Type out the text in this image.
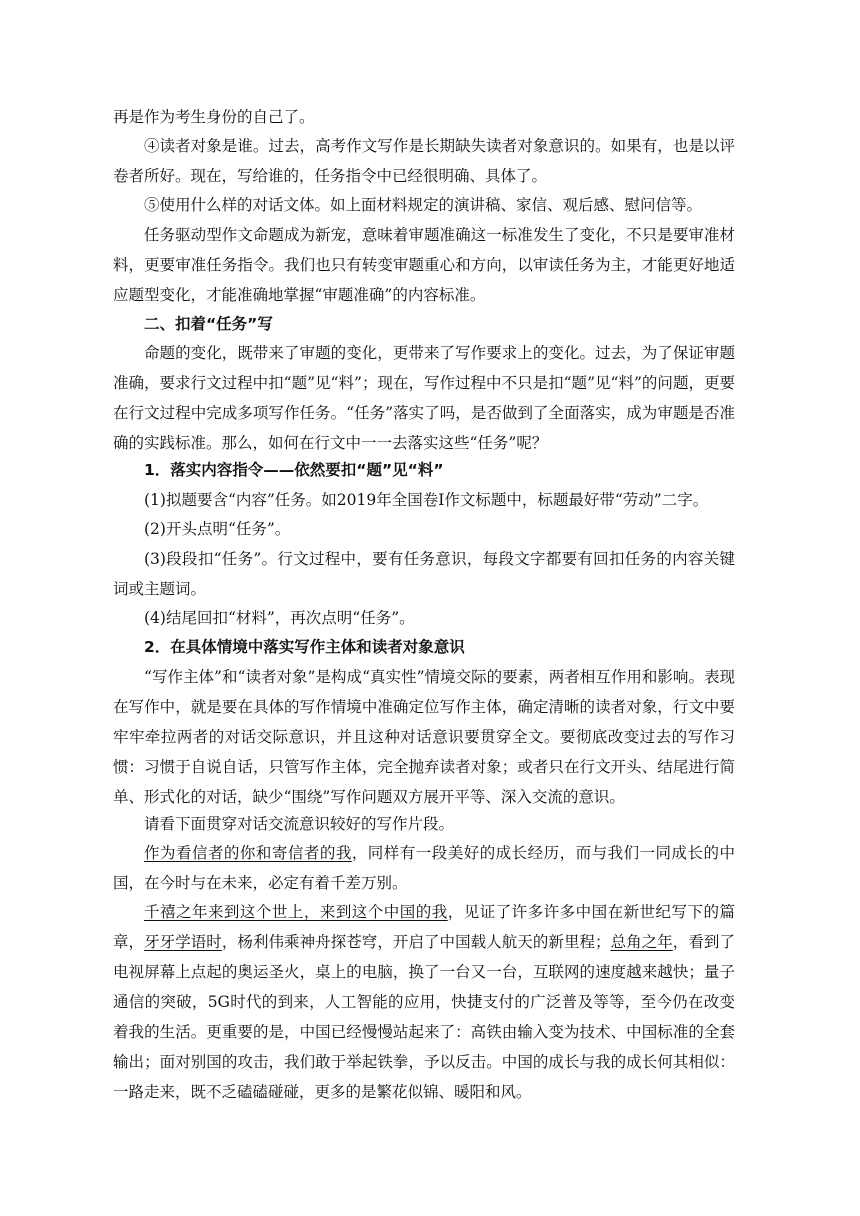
再是作为考生身份的自己了。

④读者对象是谁。过去，高考作文写作是长期缺失读者对象意识的。如果有，也是以评卷者所好。现在，写给谁的，任务指令中已经很明确、具体了。

⑤使用什么样的对话文体。如上面材料规定的演讲稿、家信、观后感、慰问信等。

任务驱动型作文命题成为新宠，意味着审题准确这一标准发生了变化，不只是要审准材料，更要审准任务指令。我们也只有转变审题重心和方向，以审读任务为主，才能更好地适应题型变化，才能准确地掌握“审题准确”的内容标准。

二、扣着“任务”写

命题的变化，既带来了审题的变化，更带来了写作要求上的变化。过去，为了保证审题准确，要求行文过程中扣“题”见“料”；现在，写作过程中不只是扣“题”见“料”的问题，更要在行文过程中完成多项写作任务。“任务”落实了吗，是否做到了全面落实，成为审题是否准确的实践标准。那么，如何在行文中一一去落实这些“任务”呢？

1．落实内容指令——依然要扣“题”见“料”

(1)拟题要含“内容”任务。如2019年全国卷Ⅰ作文标题中，标题最好带“劳动”二字。

(2)开头点明“任务”。

(3)段段扣“任务”。行文过程中，要有任务意识，每段文字都要有回扣任务的内容关键词或主题词。

(4)结尾回扣“材料”，再次点明“任务”。

2．在具体情境中落实写作主体和读者对象意识

“写作主体”和“读者对象”是构成“真实性”情境交际的要素，两者相互作用和影响。表现在写作中，就是要在具体的写作情境中准确定位写作主体，确定清晰的读者对象，行文中要牢牢牵拉两者的对话交际意识，并且这种对话意识要贯穿全文。要彻底改变过去的写作习惯：习惯于自说自话，只管写作主体，完全抛弃读者对象；或者只在行文开头、结尾进行简单、形式化的对话，缺少“围绕”写作问题双方展开平等、深入交流的意识。

请看下面贯穿对话交流意识较好的写作片段。

作为看信者的你和寄信者的我，同样有一段美好的成长经历，而与我们一同成长的中国，在今时与在未来，必定有着千差万别。

千禧之年来到这个世上，来到这个中国的我，见证了许多许多中国在新世纪写下的篇章，牙牙学语时，杨利伟乘神舟探苍穹，开启了中国载人航天的新里程；总角之年，看到了电视屏幕上点起的奥运圣火，桌上的电脑，换了一台又一台，互联网的速度越来越快；量子通信的突破，5G时代的到来，人工智能的应用，快捷支付的广泛普及等等，至今仍在改变着我的生活。更重要的是，中国已经慢慢站起来了：高铁由输入变为技术、中国标准的全套输出；面对别国的攻击，我们敢于举起铁拳，予以反击。中国的成长与我的成长何其相似：一路走来，既不乏磕磕碰碰，更多的是繁花似锦、暖阳和风。
